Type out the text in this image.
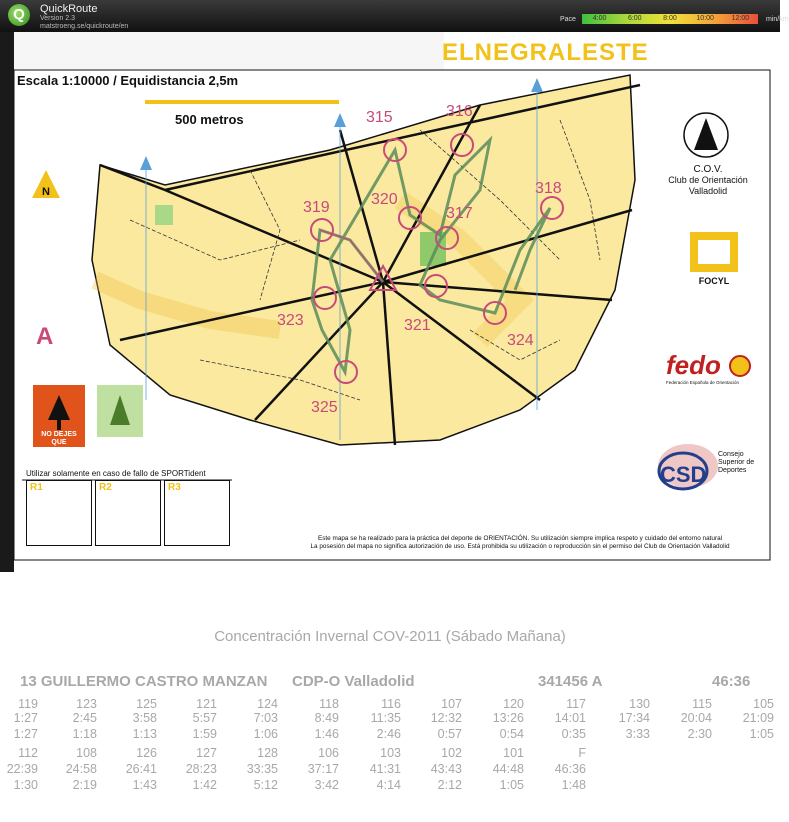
Q	QuickRoute
Version 2.3
matstroeng.se/quickroute/en
Pace	4:00	6:00	8:00	10:00	12:00	min/km
N
315	316
318
319	320
317
321
323
324
325
A
ELNEGRALESTE
Escala 1:10000 / Equidistancia 2,5m
500 metros
C.O.V.
Club de Orientación
Valladolid
FOCYL
fedo
Federación Española de Orientación
CSD
Consejo
Superior de
Deportes
NO DEJES QUE
SE QUEME
Utilizar solamente en caso de fallo de SPORTident
R1	R2	R3
Este mapa se ha realizado para la práctica del deporte de ORIENTACIÓN. Su utilización siempre implica respeto y cuidado del entorno natural
La posesión del mapa no significa autorización de uso. Está prohibida su utilización o reproducción sin el permiso del Club de Orientación Valladolid
Concentración Invernal COV-2011 (Sábado Mañana)
13 GUILLERMO CASTRO MANZAN CDP-O Valladolid	341456 A	46:36
119	123	125	121	124	118	116	107	120	117	130	115	105
1:27	2:45	3:58	5:57	7:03	8:49	11:35	12:32	13:26	14:01	17:34	20:04	21:09
1:27	1:18	1:13	1:59	1:06	1:46	2:46	0:57	0:54	0:35	3:33	2:30	1:05
112	108	126	127	128	106	103	102	101	F
22:39	24:58	26:41	28:23	33:35	37:17	41:31	43:43	44:48	46:36
1:30	2:19	1:43	1:42	5:12	3:42	4:14	2:12	1:05	1:48
